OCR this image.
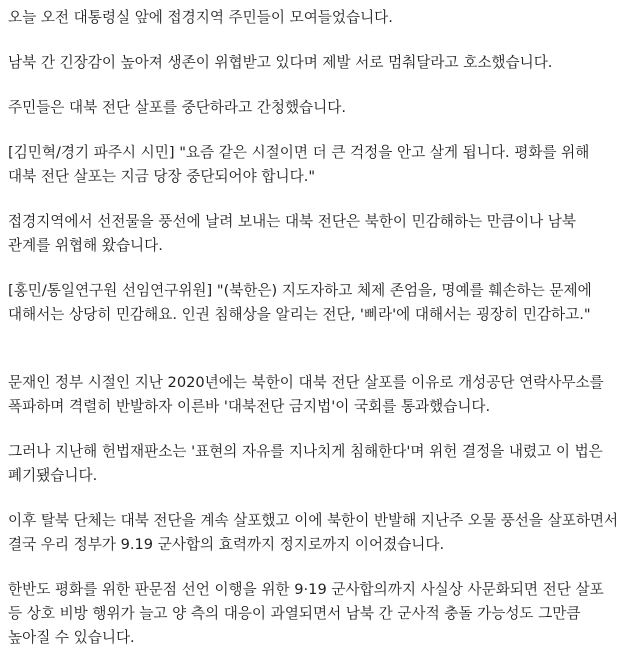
오늘 오전 대통령실 앞에 접경지역 주민들이 모여들었습니다.

남북 간 긴장감이 높아져 생존이 위협받고 있다며 제발 서로 멈춰달라고 호소했습니다.

주민들은 대북 전단 살포를 중단하라고 간청했습니다.

[김민혁/경기 파주시 시민] "요즘 같은 시절이면 더 큰 걱정을 안고 살게 됩니다. 평화를 위해 대북 전단 살포는 지금 당장 중단되어야 합니다."

접경지역에서 선전물을 풍선에 날려 보내는 대북 전단은 북한이 민감해하는 만큼이나 남북 관계를 위협해 왔습니다.

[홍민/통일연구원 선임연구위원] "(북한은) 지도자하고 체제 존엄을, 명예를 훼손하는 문제에 대해서는 상당히 민감해요. 인권 침해상을 알리는 전단, '삐라'에 대해서는 굉장히 민감하고."

문재인 정부 시절인 지난 2020년에는 북한이 대북 전단 살포를 이유로 개성공단 연락사무소를 폭파하며 격렬히 반발하자 이른바 '대북전단 금지법'이 국회를 통과했습니다.

그러나 지난해 헌법재판소는 '표현의 자유를 지나치게 침해한다'며 위헌 결정을 내렸고 이 법은 폐기됐습니다.

이후 탈북 단체는 대북 전단을 계속 살포했고 이에 북한이 반발해 지난주 오물 풍선을 살포하면서 결국 우리 정부가 9.19 군사합의 효력까지 정지로까지 이어졌습니다.

한반도 평화를 위한 판문점 선언 이행을 위한 9·19 군사합의까지 사실상 사문화되면 전단 살포 등 상호 비방 행위가 늘고 양 측의 대응이 과열되면서 남북 간 군사적 충돌 가능성도 그만큼 높아질 수 있습니다.
